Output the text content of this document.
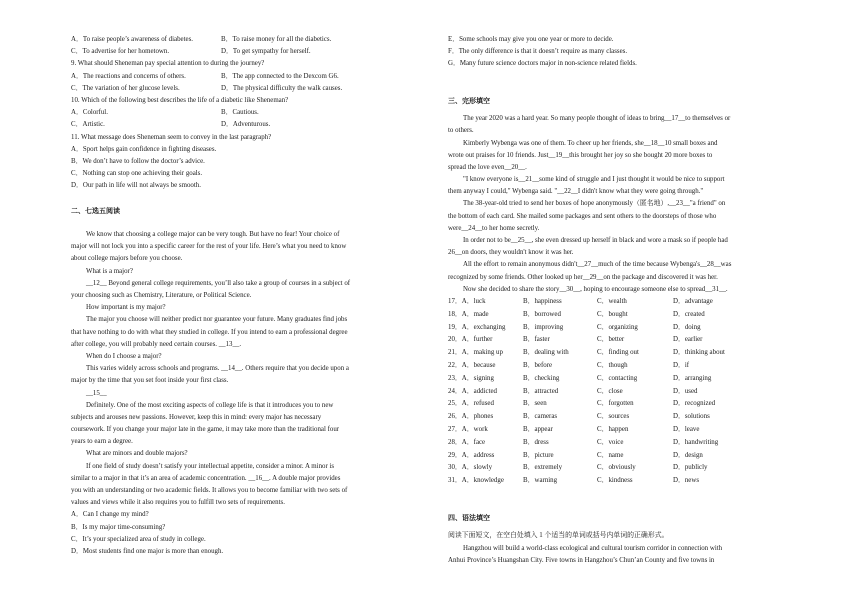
A．To raise people’s awareness of diabetes.	B．To raise money for all the diabetics.
C．To advertise for her hometown.	D．To get sympathy for herself.
9. What should Sheneman pay special attention to during the journey?
A．The reactions and concerns of others.	B．The app connected to the Dexcom G6.
C．The variation of her glucose levels.	D．The physical difficulty the walk causes.
10. Which of the following best describes the life of a diabetic like Sheneman?
A．Colorful.	B．Cautious.
C．Artistic.	D．Adventurous.
11. What message does Sheneman seem to convey in the last paragraph?
A．Sport helps gain confidence in fighting diseases.
B．We don’t have to follow the doctor’s advice.
C．Nothing can stop one achieving their goals.
D．Our path in life will not always be smooth.
二、七选五阅读
We know that choosing a college major can be very tough. But have no fear! Your choice of
major will not lock you into a specific career for the rest of your life. Here’s what you need to know
about college majors before you choose.
What is a major?
__12__ Beyond general college requirements, you’ll also take a group of courses in a subject of
your choosing such as Chemistry, Literature, or Political Science.
How important is my major?
The major you choose will neither predict nor guarantee your future. Many graduates find jobs
that have nothing to do with what they studied in college. If you intend to earn a professional degree
after college, you will probably need certain courses. __13__.
When do I choose a major?
This varies widely across schools and programs. __14__. Others require that you decide upon a
major by the time that you set foot inside your first class.
__15__
Definitely. One of the most exciting aspects of college life is that it introduces you to new
subjects and arouses new passions. However, keep this in mind: every major has necessary
coursework. If you change your major late in the game, it may take more than the traditional four
years to earn a degree.
What are minors and double majors?
If one field of study doesn’t satisfy your intellectual appetite, consider a minor. A minor is
similar to a major in that it’s an area of academic concentration. __16__. A double major provides
you with an understanding or two academic fields. It allows you to become familiar with two sets of
values and views while it also requires you to fulfill two sets of requirements.
A．Can I change my mind?
B．Is my major time-consuming?
C．It’s your specialized area of study in college.
D．Most students find one major is more than enough.
E．Some schools may give you one year or more to decide.
F．The only difference is that it doesn’t require as many classes.
G．Many future science doctors major in non-science related fields.
三、完形填空
The year 2020 was a hard year. So many people thought of ideas to bring__17__to themselves or
to others.
Kimberly Wybenga was one of them. To cheer up her friends, she__18__10 small boxes and
wrote out praises for 10 friends. Just__19__this brought her joy so she bought 20 more boxes to
spread the love even__20__.
"I know everyone is__21__some kind of struggle and I just thought it would be nice to support
them anyway I could," Wybenga said. "__22__I didn't know what they were going through."
The 38-year-old tried to send her boxes of hope anonymously（匿名地）,__23__"a friend" on
the bottom of each card. She mailed some packages and sent others to the doorsteps of those who
were__24__to her home secretly.
In order not to be__25__, she even dressed up herself in black and wore a mask so if people had
26__on doors, they wouldn't know it was her.
All the effort to remain anonymous didn't__27__much of the time because Wybenga's__28__was
recognized by some friends. Other looked up her__29__on the package and discovered it was her.
Now she decided to share the story__30__, hoping to encourage someone else to spread__31__.
17．A．luck	B．happiness	C．wealth	D．advantage
18．A．made	B．borrowed	C．bought	D．created
19．A．exchanging	B．improving	C．organizing	D．doing
20．A．further	B．faster	C．better	D．earlier
21．A．making up	B．dealing with	C．finding out	D．thinking about
22．A．because	B．before	C．though	D．if
23．A．signing	B．checking	C．contacting	D．arranging
24．A．addicted	B．attracted	C．close	D．used
25．A．refused	B．seen	C．forgotten	D．recognized
26．A．phones	B．cameras	C．sources	D．solutions
27．A．work	B．appear	C．happen	D．leave
28．A．face	B．dress	C．voice	D．handwriting
29．A．address	B．picture	C．name	D．design
30．A．slowly	B．extremely	C．obviously	D．publicly
31．A．knowledge	B．warning	C．kindness	D．news
四、语法填空
阅读下面短文，在空白处填入 1 个适当的单词或括号内单词的正确形式。
Hangzhou will build a world-class ecological and cultural tourism corridor in connection with
Anhui Province’s Huangshan City. Five towns in Hangzhou’s Chun’an County and five towns in
